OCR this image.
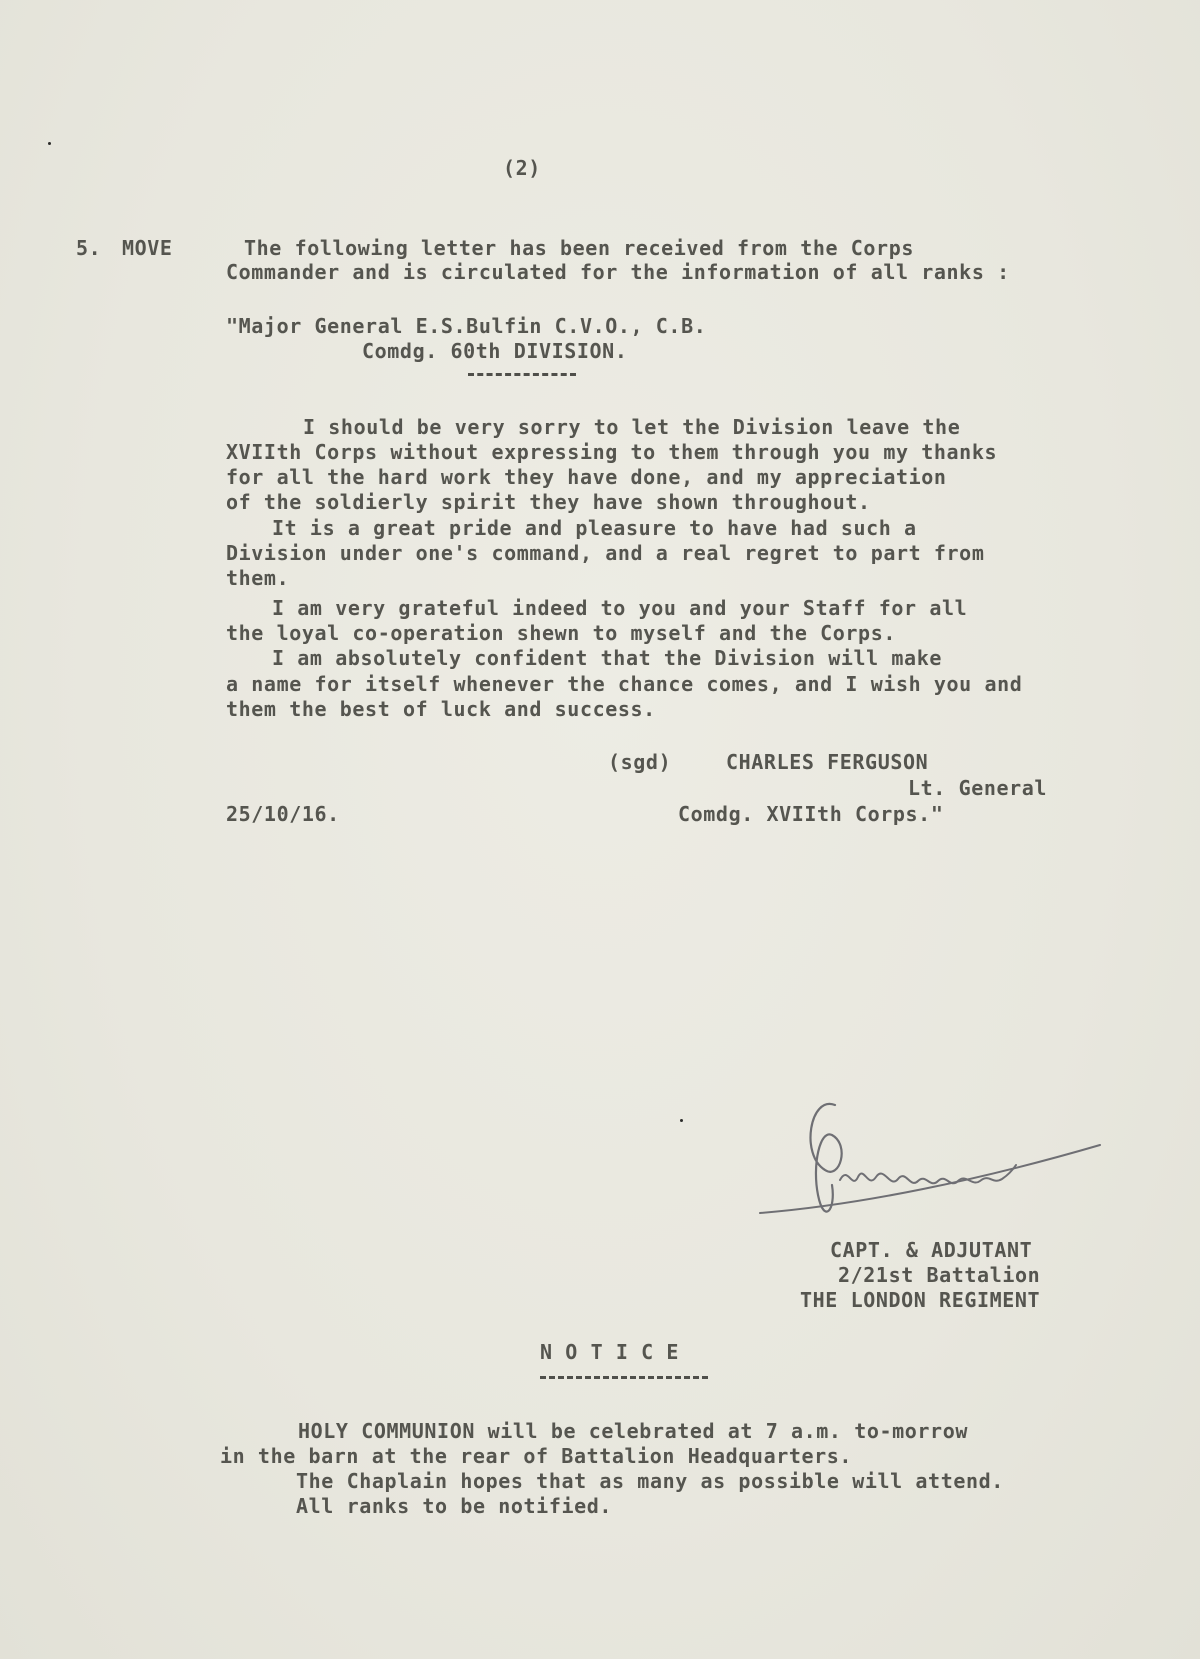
(2)
5. MOVE	The following letter has been received from the Corps
Commander and is circulated for the information of all ranks :
"Major General E.S.Bulfin C.V.O., C.B.
Comdg. 60th DIVISION.
I should be very sorry to let the Division leave the
XVIIth Corps without expressing to them through you my thanks
for all the hard work they have done, and my appreciation
of the soldierly spirit they have shown throughout.
It is a great pride and pleasure to have had such a
Division under one's command, and a real regret to part from
them.
I am very grateful indeed to you and your Staff for all
the loyal co-operation shewn to myself and the Corps.
I am absolutely confident that the Division will make
a name for itself whenever the chance comes, and I wish you and
them the best of luck and success.
(sgd)	CHARLES FERGUSON
Lt. General
25/10/16.	Comdg. XVIIth Corps."
CAPT. & ADJUTANT
2/21st Battalion
THE LONDON REGIMENT
N O T I C E
HOLY COMMUNION will be celebrated at 7 a.m. to-morrow
in the barn at the rear of Battalion Headquarters.
The Chaplain hopes that as many as possible will attend.
All ranks to be notified.
